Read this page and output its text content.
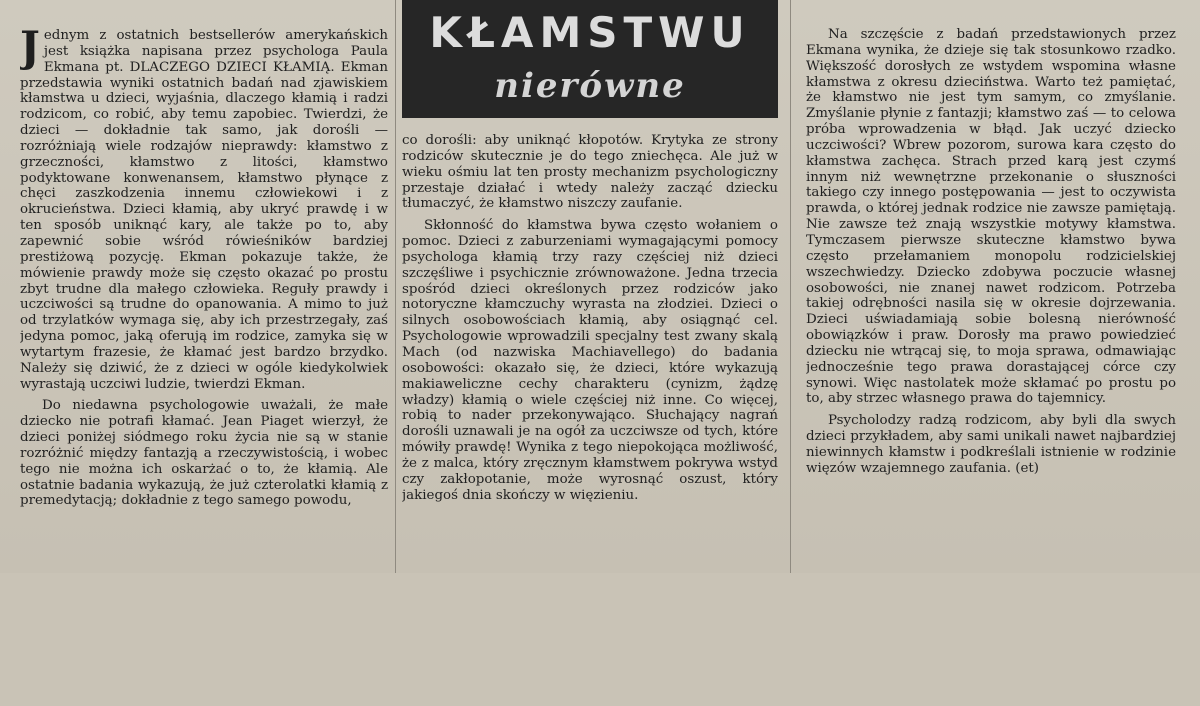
KŁAMSTWU
nierówne

J ednym z ostatnich bestsellerów amerykańskich jest książka napisana przez psychologa Paula Ekmana pt. DLACZEGO DZIECI KŁAMIĄ. Ekman przedstawia wyniki ostatnich badań nad zjawiskiem kłamstwa u dzieci, wyjaśnia, dlaczego kłamią i radzi rodzicom, co robić, aby temu zapobiec. Twierdzi, że dzieci — dokładnie tak samo, jak dorośli — rozróżniają wiele rodzajów nieprawdy: kłamstwo z grzeczności, kłamstwo z litości, kłamstwo podyktowane konwenansem, kłamstwo płynące z chęci zaszkodzenia innemu człowiekowi i z okrucieństwa. Dzieci kłamią, aby ukryć prawdę i w ten sposób uniknąć kary, ale także po to, aby zapewnić sobie wśród rówieśników bardziej prestiżową pozycję. Ekman pokazuje także, że mówienie prawdy może się często okazać po prostu zbyt trudne dla małego człowieka. Reguły prawdy i uczciwości są trudne do opanowania. A mimo to już od trzylatków wymaga się, aby ich przestrzegały, zaś jedyna pomoc, jaką oferują im rodzice, zamyka się w wytartym frazesie, że kłamać jest bardzo brzydko. Należy się dziwić, że z dzieci w ogóle kiedykolwiek wyrastają uczciwi ludzie, twierdzi Ekman.

Do niedawna psychologowie uważali, że małe dziecko nie potrafi kłamać. Jean Piaget wierzył, że dzieci poniżej siódmego roku życia nie są w stanie rozróżnić między fantazją a rzeczywistością, i wobec tego nie można ich oskarżać o to, że kłamią. Ale ostatnie badania wykazują, że już czterolatki kłamią z premedytacją; dokładnie z tego samego powodu,

co dorośli: aby uniknąć kłopotów. Krytyka ze strony rodziców skutecznie je do tego zniechęca. Ale już w wieku ośmiu lat ten prosty mechanizm psychologiczny przestaje działać i wtedy należy zacząć dziecku tłumaczyć, że kłamstwo niszczy zaufanie.

Skłonność do kłamstwa bywa często wołaniem o pomoc. Dzieci z zaburzeniami wymagającymi pomocy psychologa kłamią trzy razy częściej niż dzieci szczęśliwe i psychicznie zrównoważone. Jedna trzecia spośród dzieci określonych przez rodziców jako notoryczne kłamczuchy wyrasta na złodziei. Dzieci o silnych osobowościach kłamią, aby osiągnąć cel. Psychologowie wprowadzili specjalny test zwany skalą Mach (od nazwiska Machiavellego) do badania osobowości: okazało się, że dzieci, które wykazują makiaweliczne cechy charakteru (cynizm, żądzę władzy) kłamią o wiele częściej niż inne. Co więcej, robią to nader przekonywająco. Słuchający nagrań dorośli uznawali je na ogół za uczciwsze od tych, które mówiły prawdę! Wynika z tego niepokojąca możliwość, że z malca, który zręcznym kłamstwem pokrywa wstyd czy zakłopotanie, może wyrosnąć oszust, który jakiegoś dnia skończy w więzieniu.

Na szczęście z badań przedstawionych przez Ekmana wynika, że dzieje się tak stosunkowo rzadko. Większość dorosłych ze wstydem wspomina własne kłamstwa z okresu dzieciństwa. Warto też pamiętać, że kłamstwo nie jest tym samym, co zmyślanie. Zmyślanie płynie z fantazji; kłamstwo zaś — to celowa próba wprowadzenia w błąd. Jak uczyć dziecko uczciwości? Wbrew pozorom, surowa kara często do kłamstwa zachęca. Strach przed karą jest czymś innym niż wewnętrzne przekonanie o słuszności takiego czy innego postępowania — jest to oczywista prawda, o której jednak rodzice nie zawsze pamiętają. Nie zawsze też znają wszystkie motywy kłamstwa. Tymczasem pierwsze skuteczne kłamstwo bywa często przełamaniem monopolu rodzicielskiej wszechwiedzy. Dziecko zdobywa poczucie własnej osobowości, nie znanej nawet rodzicom. Potrzeba takiej odrębności nasila się w okresie dojrzewania. Dzieci uświadamiają sobie bolesną nierówność obowiązków i praw. Dorosły ma prawo powiedzieć dziecku nie wtrącaj się, to moja sprawa, odmawiając jednocześnie tego prawa dorastającej córce czy synowi. Więc nastolatek może skłamać po prostu po to, aby strzec własnego prawa do tajemnicy.

Psycholodzy radzą rodzicom, aby byli dla swych dzieci przykładem, aby sami unikali nawet najbardziej niewinnych kłamstw i podkreślali istnienie w rodzinie więzów wzajemnego zaufania. (et)
